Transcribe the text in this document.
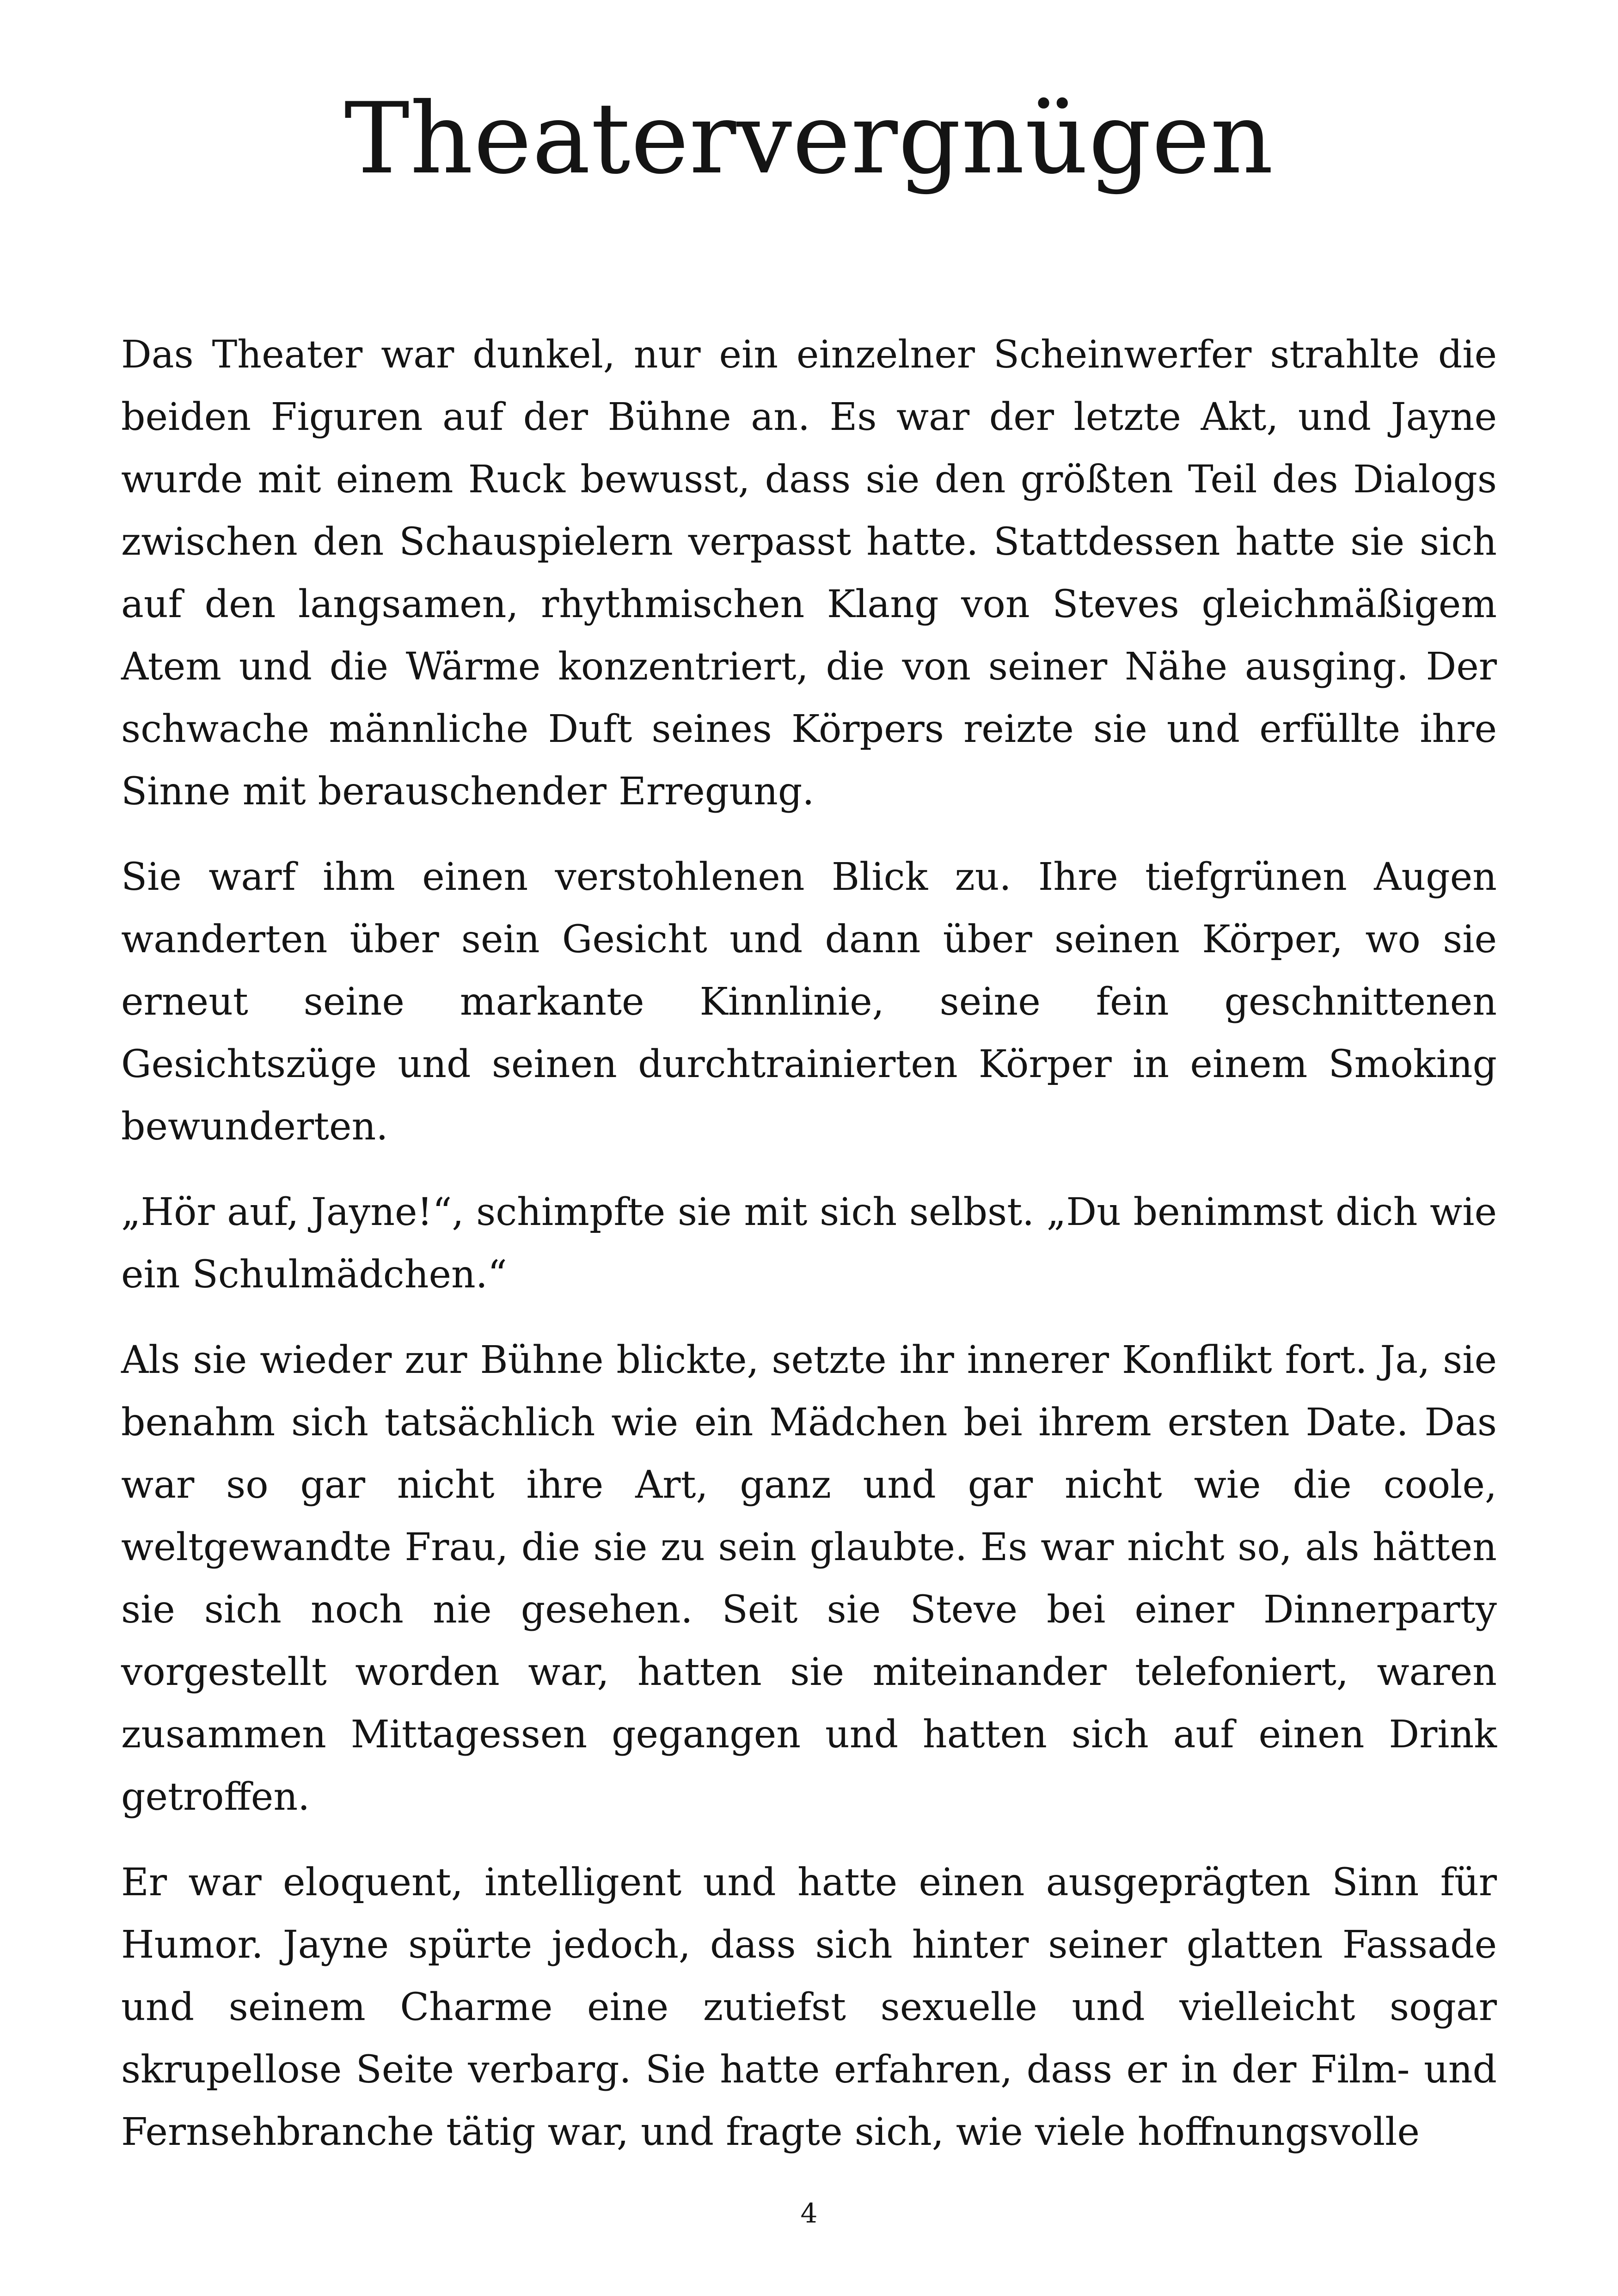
Theatervergnügen

Das Theater war dunkel, nur ein einzelner Scheinwerfer strahlte die beiden Figuren auf der Bühne an. Es war der letzte Akt, und Jayne wurde mit einem Ruck bewusst, dass sie den größten Teil des Dialogs zwischen den Schauspielern verpasst hatte. Stattdessen hatte sie sich auf den langsamen, rhythmischen Klang von Steves gleichmäßigem Atem und die Wärme konzentriert, die von seiner Nähe ausging. Der schwache männliche Duft seines Körpers reizte sie und erfüllte ihre Sinne mit berauschender Erregung.

Sie warf ihm einen verstohlenen Blick zu. Ihre tiefgrünen Augen wanderten über sein Gesicht und dann über seinen Körper, wo sie erneut seine markante Kinnlinie, seine fein geschnittenen Gesichtszüge und seinen durchtrainierten Körper in einem Smoking bewunderten.

„Hör auf, Jayne!“, schimpfte sie mit sich selbst. „Du benimmst dich wie ein Schulmädchen.“

Als sie wieder zur Bühne blickte, setzte ihr innerer Konflikt fort. Ja, sie benahm sich tatsächlich wie ein Mädchen bei ihrem ersten Date. Das war so gar nicht ihre Art, ganz und gar nicht wie die coole, weltgewandte Frau, die sie zu sein glaubte. Es war nicht so, als hätten sie sich noch nie gesehen. Seit sie Steve bei einer Dinnerparty vorgestellt worden war, hatten sie miteinander telefoniert, waren zusammen Mittagessen gegangen und hatten sich auf einen Drink getroffen.

Er war eloquent, intelligent und hatte einen ausgeprägten Sinn für Humor. Jayne spürte jedoch, dass sich hinter seiner glatten Fassade und seinem Charme eine zutiefst sexuelle und vielleicht sogar skrupellose Seite verbarg. Sie hatte erfahren, dass er in der Film- und Fernsehbranche tätig war, und fragte sich, wie viele hoffnungsvolle

4
